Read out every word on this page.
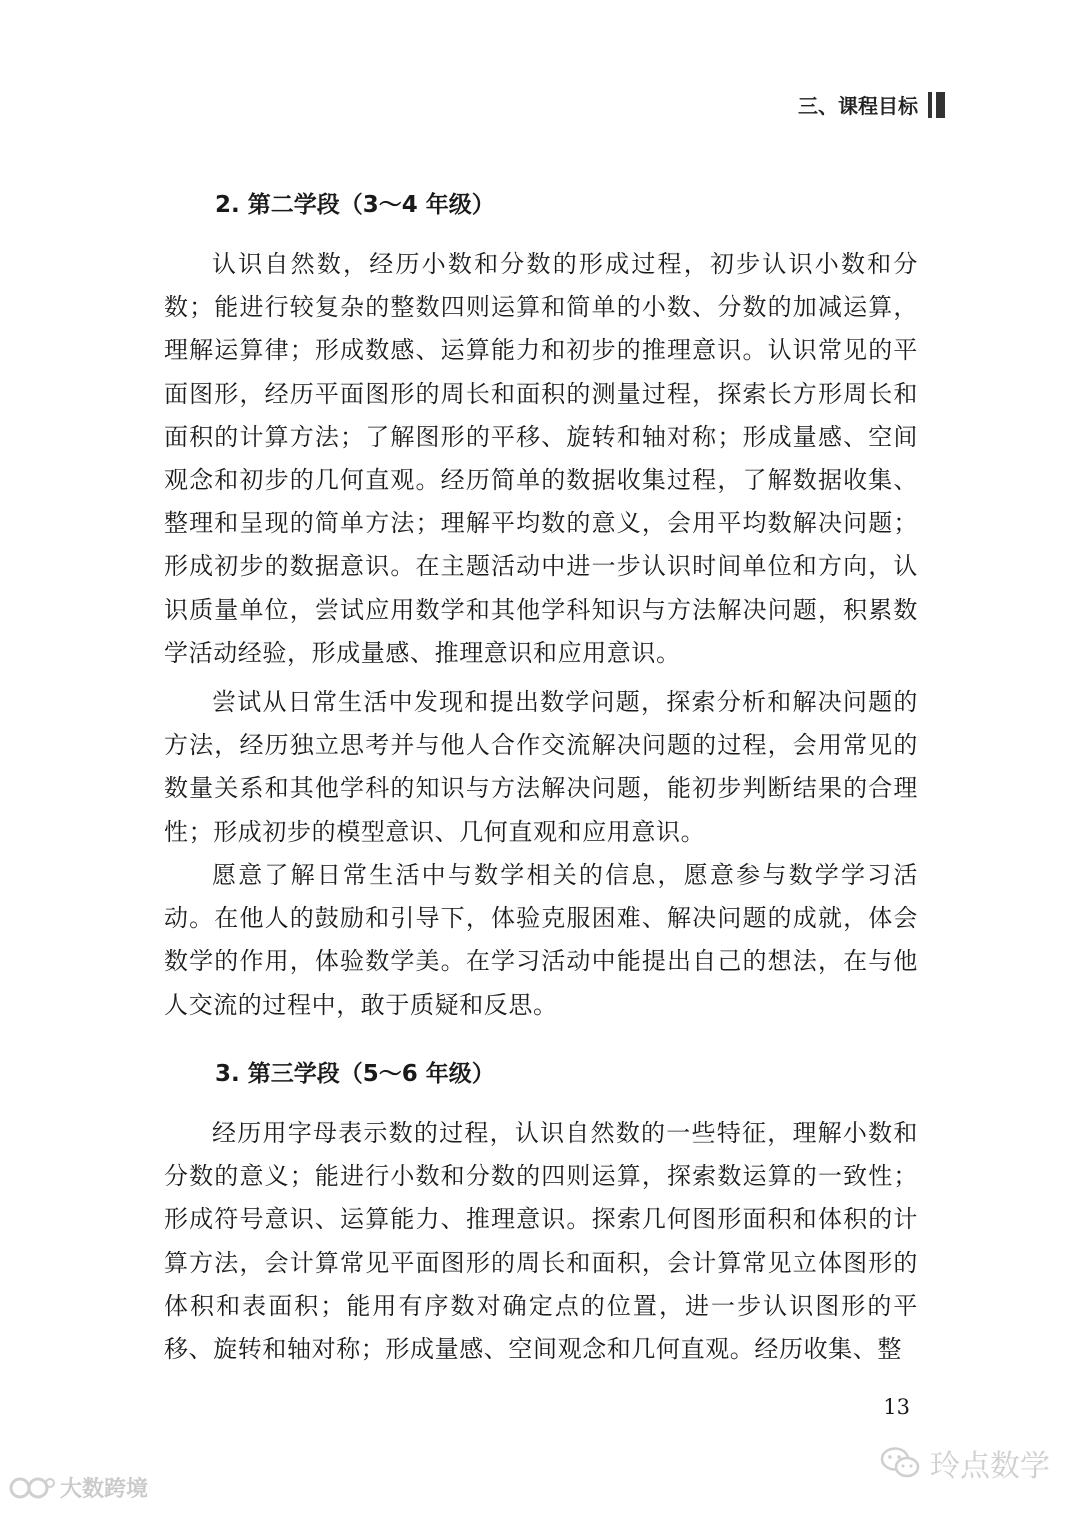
三、课程目标
2. 第二学段（3～4 年级）

认识自然数，经历小数和分数的形成过程，初步认识小数和分数；能进行较复杂的整数四则运算和简单的小数、分数的加减运算，理解运算律；形成数感、运算能力和初步的推理意识。认识常见的平面图形，经历平面图形的周长和面积的测量过程，探索长方形周长和面积的计算方法；了解图形的平移、旋转和轴对称；形成量感、空间观念和初步的几何直观。经历简单的数据收集过程，了解数据收集、整理和呈现的简单方法；理解平均数的意义，会用平均数解决问题；形成初步的数据意识。在主题活动中进一步认识时间单位和方向，认识质量单位，尝试应用数学和其他学科知识与方法解决问题，积累数学活动经验，形成量感、推理意识和应用意识。

尝试从日常生活中发现和提出数学问题，探索分析和解决问题的方法，经历独立思考并与他人合作交流解决问题的过程，会用常见的数量关系和其他学科的知识与方法解决问题，能初步判断结果的合理性；形成初步的模型意识、几何直观和应用意识。

愿意了解日常生活中与数学相关的信息，愿意参与数学学习活动。在他人的鼓励和引导下，体验克服困难、解决问题的成就，体会数学的作用，体验数学美。在学习活动中能提出自己的想法，在与他人交流的过程中，敢于质疑和反思。

3. 第三学段（5～6 年级）

经历用字母表示数的过程，认识自然数的一些特征，理解小数和分数的意义；能进行小数和分数的四则运算，探索数运算的一致性；形成符号意识、运算能力、推理意识。探索几何图形面积和体积的计算方法，会计算常见平面图形的周长和面积，会计算常见立体图形的体积和表面积；能用有序数对确定点的位置，进一步认识图形的平移、旋转和轴对称；形成量感、空间观念和几何直观。经历收集、整

13
大数跨境
玲点数学
